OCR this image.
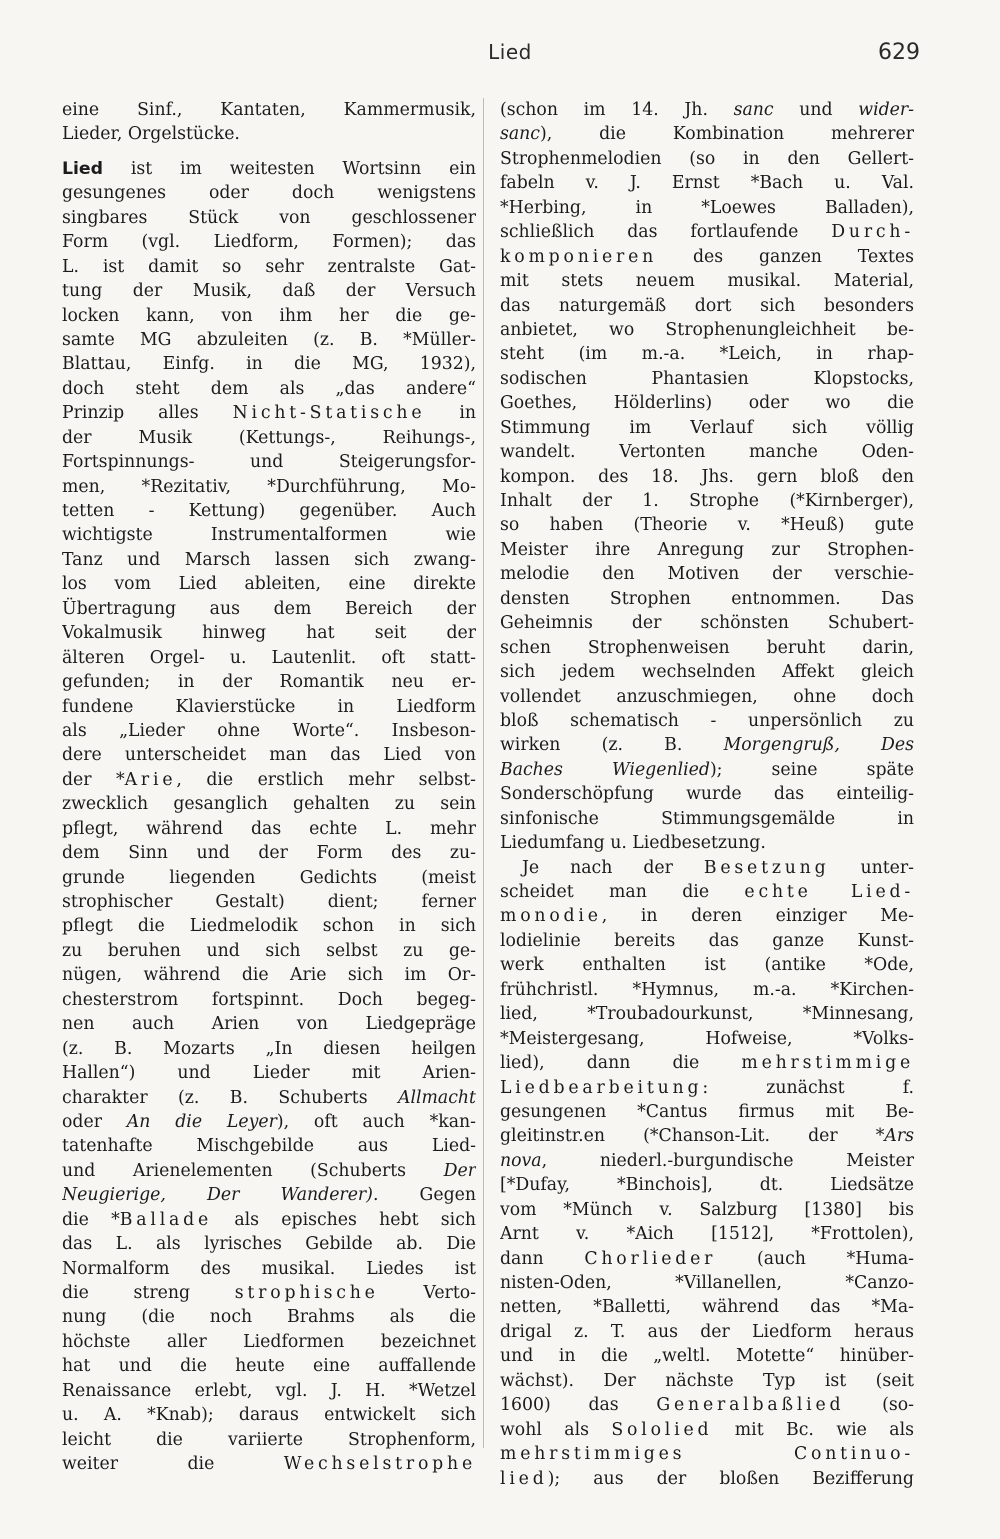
Lied	629
eine Sinf., Kantaten, Kammermusik,
Lieder, Orgelstücke.
Lied ist im weitesten Wortsinn ein
gesungenes oder doch wenigstens
singbares Stück von geschlossener
Form (vgl. Liedform, Formen); das
L. ist damit so sehr zentralste Gat-
tung der Musik, daß der Versuch
locken kann, von ihm her die ge-
samte MG abzuleiten (z. B. *Müller-
Blattau, Einfg. in die MG, 1932),
doch steht dem als „das andere“
Prinzip alles Nicht-Statische in
der Musik (Kettungs-, Reihungs-,
Fortspinnungs- und Steigerungsfor-
men, *Rezitativ, *Durchführung, Mo-
tetten - Kettung) gegenüber. Auch
wichtigste Instrumentalformen wie
Tanz und Marsch lassen sich zwang-
los vom Lied ableiten, eine direkte
Übertragung aus dem Bereich der
Vokalmusik hinweg hat seit der
älteren Orgel- u. Lautenlit. oft statt-
gefunden; in der Romantik neu er-
fundene Klavierstücke in Liedform
als „Lieder ohne Worte“. Insbeson-
dere unterscheidet man das Lied von
der *Arie, die erstlich mehr selbst-
zwecklich gesanglich gehalten zu sein
pflegt, während das echte L. mehr
dem Sinn und der Form des zu-
grunde liegenden Gedichts (meist
strophischer Gestalt) dient; ferner
pflegt die Liedmelodik schon in sich
zu beruhen und sich selbst zu ge-
nügen, während die Arie sich im Or-
chesterstrom fortspinnt. Doch begeg-
nen auch Arien von Liedgepräge
(z. B. Mozarts „In diesen heilgen
Hallen“) und Lieder mit Arien-
charakter (z. B. Schuberts Allmacht
oder An die Leyer), oft auch *kan-
tatenhafte Mischgebilde aus Lied-
und Arienelementen (Schuberts Der
Neugierige, Der Wanderer). Gegen
die *Ballade als episches hebt sich
das L. als lyrisches Gebilde ab. Die
Normalform des musikal. Liedes ist
die streng strophische Verto-
nung (die noch Brahms als die
höchste aller Liedformen bezeichnet
hat und die heute eine auffallende
Renaissance erlebt, vgl. J. H. *Wetzel
u. A. *Knab); daraus entwickelt sich
leicht die variierte Strophenform,
weiter die Wechselstrophe
(schon im 14. Jh. sanc und wider-
sanc), die Kombination mehrerer
Strophenmelodien (so in den Gellert-
fabeln v. J. Ernst *Bach u. Val.
*Herbing, in *Loewes Balladen),
schließlich das fortlaufende Durch-
komponieren des ganzen Textes
mit stets neuem musikal. Material,
das naturgemäß dort sich besonders
anbietet, wo Strophenungleichheit be-
steht (im m.-a. *Leich, in rhap-
sodischen Phantasien Klopstocks,
Goethes, Hölderlins) oder wo die
Stimmung im Verlauf sich völlig
wandelt. Vertonten manche Oden-
kompon. des 18. Jhs. gern bloß den
Inhalt der 1. Strophe (*Kirnberger),
so haben (Theorie v. *Heuß) gute
Meister ihre Anregung zur Strophen-
melodie den Motiven der verschie-
densten Strophen entnommen. Das
Geheimnis der schönsten Schubert-
schen Strophenweisen beruht darin,
sich jedem wechselnden Affekt gleich
vollendet anzuschmiegen, ohne doch
bloß schematisch - unpersönlich zu
wirken (z. B. Morgengruß, Des
Baches Wiegenlied); seine späte
Sonderschöpfung wurde das einteilig-
sinfonische Stimmungsgemälde in
Liedumfang u. Liedbesetzung.
Je nach der Besetzung unter-
scheidet man die echte Lied-
monodie, in deren einziger Me-
lodielinie bereits das ganze Kunst-
werk enthalten ist (antike *Ode,
frühchristl. *Hymnus, m.-a. *Kirchen-
lied, *Troubadourkunst, *Minnesang,
*Meistergesang, Hofweise, *Volks-
lied), dann die mehrstimmige
Liedbearbeitung: zunächst f.
gesungenen *Cantus firmus mit Be-
gleitinstr.en (*Chanson-Lit. der *Ars
nova, niederl.-burgundische Meister
[*Dufay, *Binchois], dt. Liedsätze
vom *Münch v. Salzburg [1380] bis
Arnt v. *Aich [1512], *Frottolen),
dann Chorlieder (auch *Huma-
nisten-Oden, *Villanellen, *Canzo-
netten, *Balletti, während das *Ma-
drigal z. T. aus der Liedform heraus
und in die „weltl. Motette“ hinüber-
wächst). Der nächste Typ ist (seit
1600) das Generalbaßlied (so-
wohl als Sololied mit Bc. wie als
mehrstimmiges	Continuo-
lied); aus der bloßen Bezifferung
